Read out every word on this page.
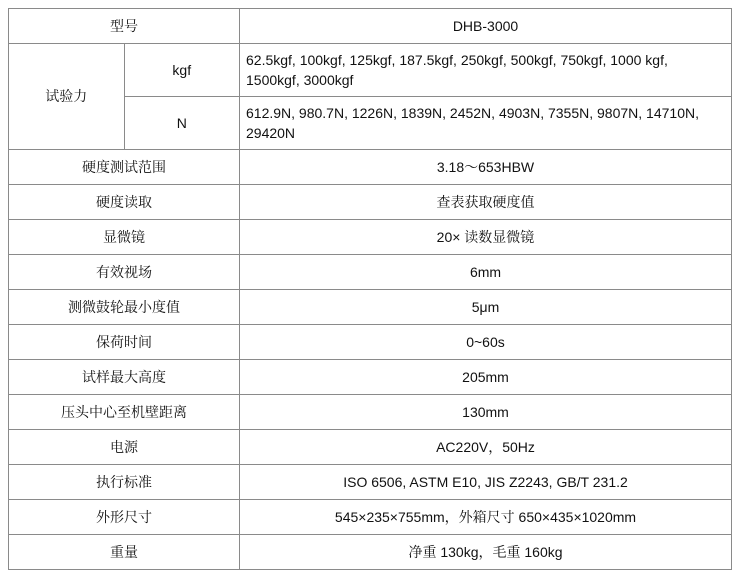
型号		DHB-3000
试验力	kgf	62.5kgf, 100kgf, 125kgf, 187.5kgf, 250kgf, 500kgf, 750kgf, 1000 kgf, 1500kgf, 3000kgf
	N	612.9N, 980.7N, 1226N, 1839N, 2452N, 4903N, 7355N, 9807N, 14710N, 29420N
硬度测试范围		3.18～653HBW
硬度读取		查表获取硬度值
显微镜		20× 读数显微镜
有效视场		6mm
测微鼓轮最小度值		5μm
保荷时间		0~60s
试样最大高度		205mm
压头中心至机壁距离		130mm
电源		AC220V，50Hz
执行标准		ISO 6506, ASTM E10, JIS Z2243, GB/T 231.2
外形尺寸		545×235×755mm，外箱尺寸 650×435×1020mm
重量		净重 130kg，毛重 160kg
